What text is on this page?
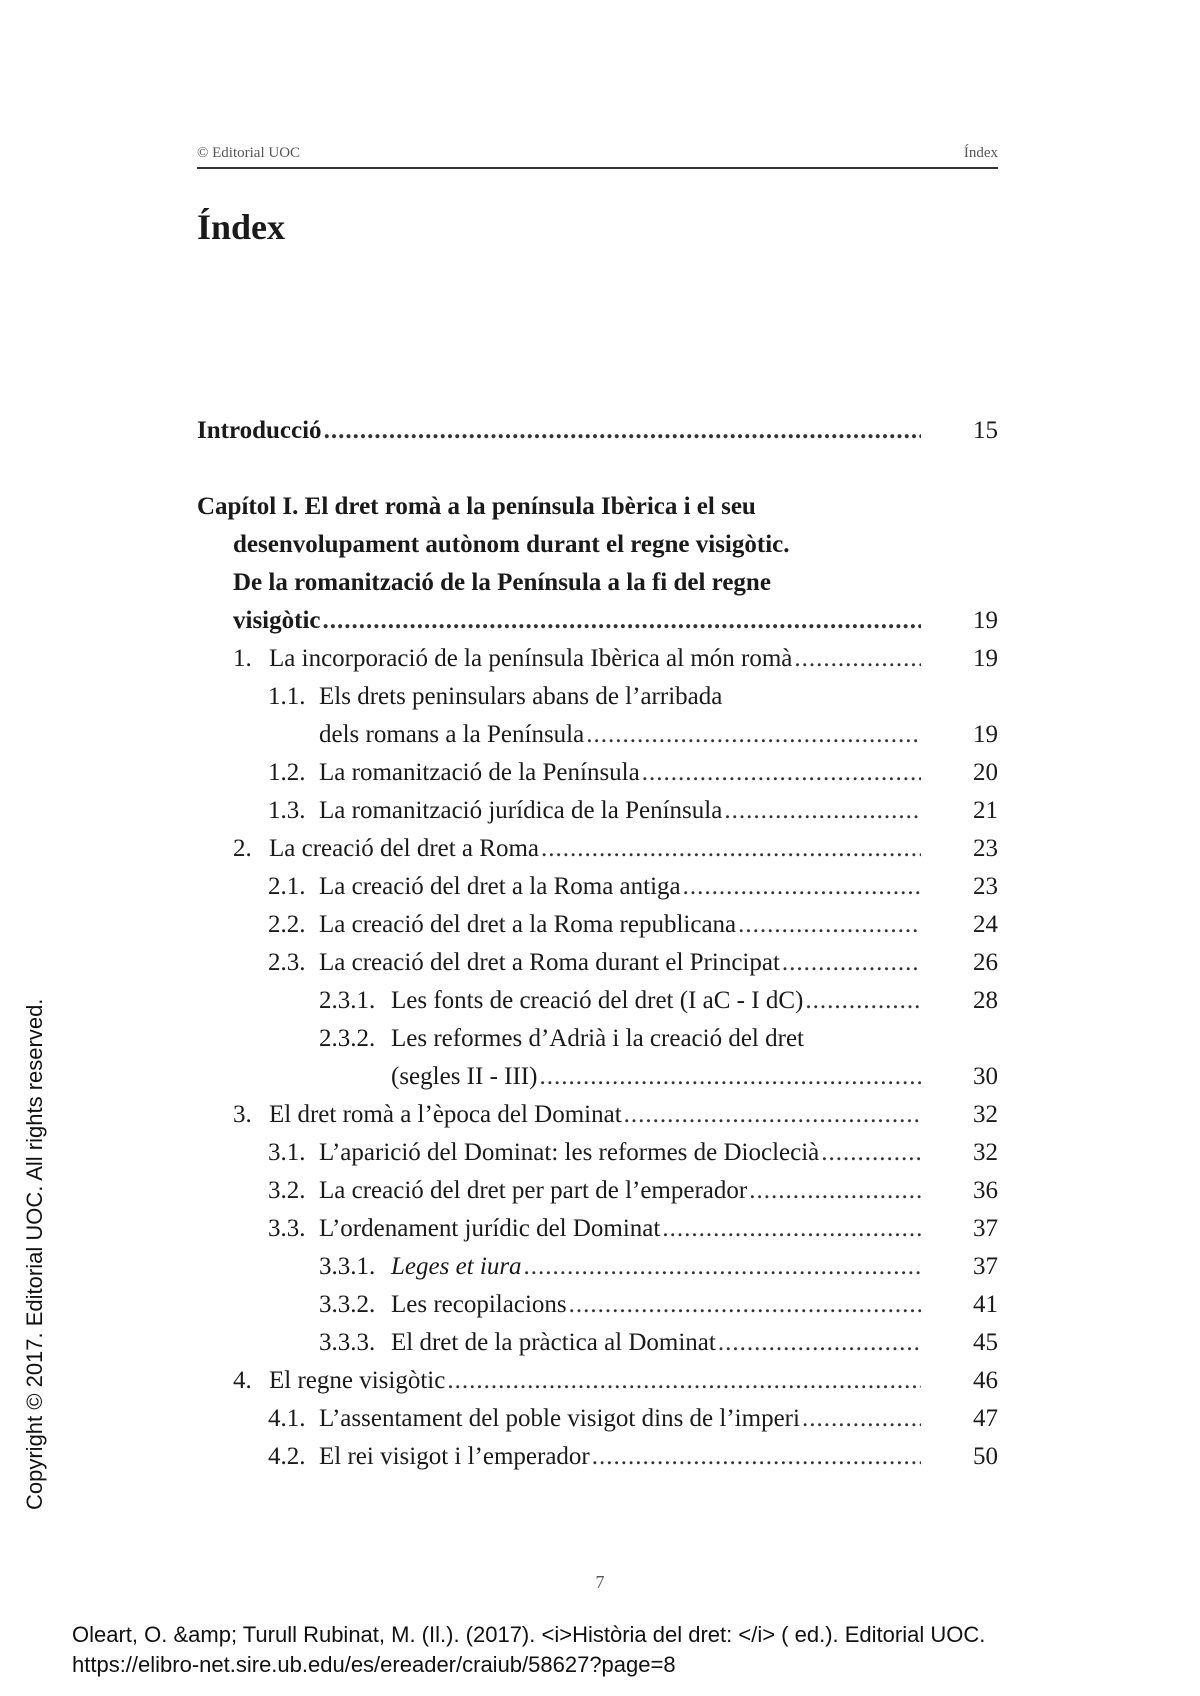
© Editorial UOC	Índex
Índex
Introducció .....	15
Capítol I. El dret romà a la península Ibèrica i el seu
desenvolupament autònom durant el regne visigòtic.
De la romanització de la Península a la fi del regne
visigòtic .....	19
1. La incorporació de la península Ibèrica al món romà .....	19
1.1. Els drets peninsulars abans de l’arribada
dels romans a la Península .....	19
1.2. La romanització de la Península .....	20
1.3. La romanització jurídica de la Península .....	21
2. La creació del dret a Roma .....	23
2.1. La creació del dret a la Roma antiga .....	23
2.2. La creació del dret a la Roma republicana .....	24
2.3. La creació del dret a Roma durant el Principat .....	26
2.3.1. Les fonts de creació del dret (I aC - I dC) .....	28
2.3.2. Les reformes d’Adrià i la creació del dret
(segles II - III) .....	30
3. El dret romà a l’època del Dominat .....	32
3.1. L’aparició del Dominat: les reformes de Dioclecià .....	32
3.2. La creació del dret per part de l’emperador .....	36
3.3. L’ordenament jurídic del Dominat .....	37
3.3.1. Leges et iura .....	37
3.3.2. Les recopilacions .....	41
3.3.3. El dret de la pràctica al Dominat .....	45
4. El regne visigòtic .....	46
4.1. L’assentament del poble visigot dins de l’imperi .....	47
4.2. El rei visigot i l’emperador .....	50
7
Copyright © 2017. Editorial UOC. All rights reserved.
Oleart, O. &amp; Turull Rubinat, M. (Il.). (2017). <i>Història del dret: </i> ( ed.). Editorial UOC.
https://elibro-net.sire.ub.edu/es/ereader/craiub/58627?page=8
